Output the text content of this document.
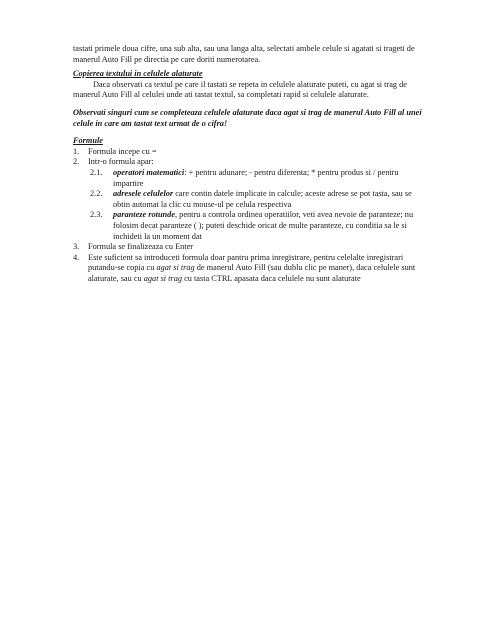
tastati primele doua cifre, una sub alta, sau una langa alta, selectati ambele celule si agatati si trageti de manerul Auto Fill pe directia pe care doriti numerotarea.

Copierea textului in celulele alaturate

Daca observati ca textul pe care il tastati se repeta in celulele alaturate puteti, cu agat si trag de manerul Auto Fill al celulei unde ati tastat textul, sa completati rapid si celulele alaturate.

Observati singuri cum se completeaza celulele alaturate daca agat si trag de manerul Auto Fill al unei celule in care am tastat text urmat de o cifra!

Formule

1. Formula incepe cu =
2. Intr-o formula apar:
2.1. operatori matematici: + pentru adunare; - pentru diferenta; * pentru produs si / pentru impartire
2.2. adresele celulelor care contin datele implicate in calcule; aceste adrese se pot tasta, sau se obtin automat la clic cu mouse-ul pe celula respectiva
2.3. paranteze rotunde, pentru a controla ordinea operatiilor, veti avea nevoie de paranteze; nu folosim decat paranteze ( ); puteti deschide oricat de multe paranteze, cu conditia sa le si inchideti la un moment dat
3. Formula se finalizeaza cu Enter
4. Este suficient sa introduceti formula doar pantru prima inregistrare, pentru celelalte inregistrari putandu-se copia cu agat si trag de manerul Auto Fill (sau dublu clic pe maner), daca celulele sunt alaturate, sau cu agat si trag cu tasta CTRL apasata daca celulele nu sunt alaturate
